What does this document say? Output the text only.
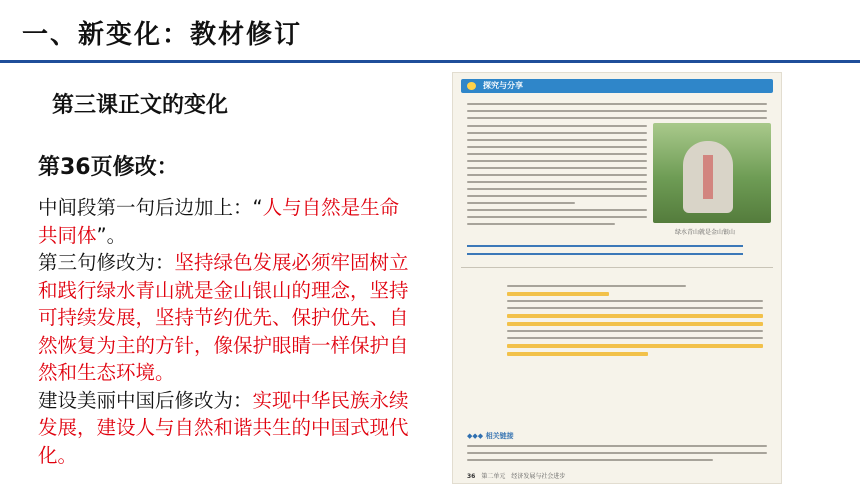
一、新变化：教材修订
第三课正文的变化
第36页修改：
中间段第一句后边加上：“人与自然是生命共同体”。
第三句修改为：坚持绿色发展必须牢固树立和践行绿水青山就是金山银山的理念，坚持可持续发展，坚持节约优先、保护优先、自然恢复为主的方针，像保护眼睛一样保护自然和生态环境。
建设美丽中国后修改为：实现中华民族永续发展，建设人与自然和谐共生的中国式现代化。
探究与分享
绿水青山就是金山银山
◆◆◆ 相关链接
36 第二单元　经济发展与社会进步
